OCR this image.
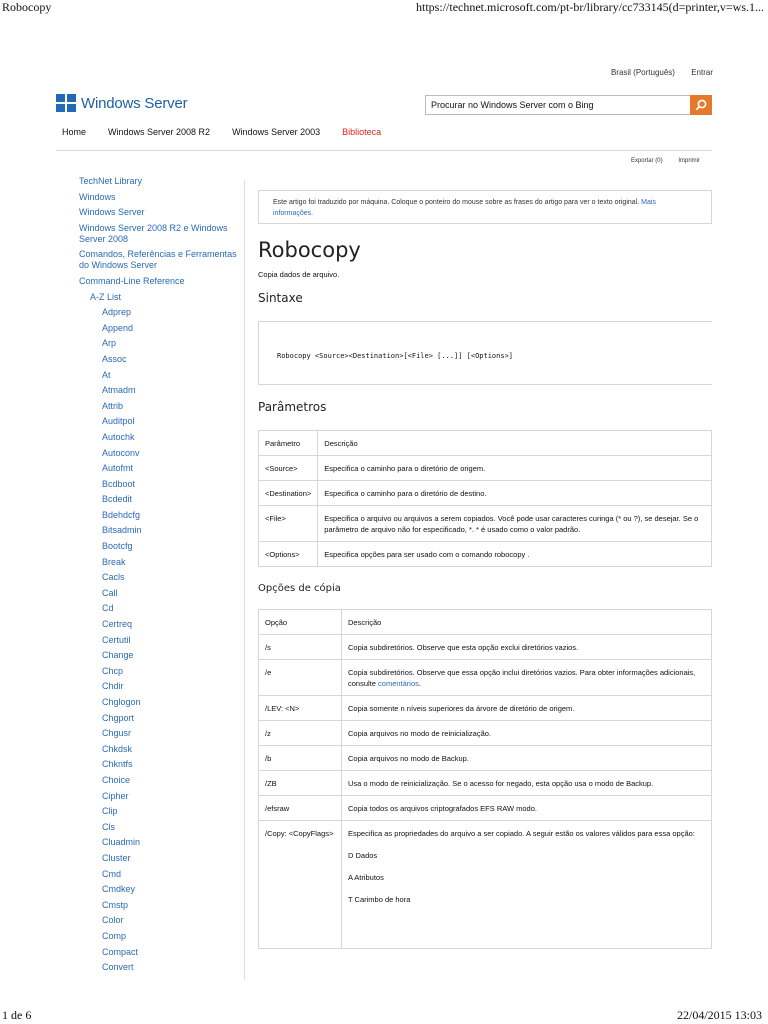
Robocopy	https://technet.microsoft.com/pt-br/library/cc733145(d=printer,v=ws.1...
Brasil (Português) Entrar
Windows Server	Procurar no Windows Server com o Bing
Home Windows Server 2008 R2 Windows Server 2003 Biblioteca
Exportar (0)	Imprimir
TechNet Library
Windows
Windows Server
Windows Server 2008 R2 e Windows Server 2008
Comandos, Referências e Ferramentas do Windows Server
Command-Line Reference
A-Z List
Adprep
Append
Arp
Assoc
At
Atmadm
Attrib
Auditpol
Autochk
Autoconv
Autofmt
Bcdboot
Bcdedit
Bdehdcfg
Bitsadmin
Bootcfg
Break
Cacls
Call
Cd
Certreq
Certutil
Change
Chcp
Chdir
Chglogon
Chgport
Chgusr
Chkdsk
Chkntfs
Choice
Cipher
Clip
Cls
Cluadmin
Cluster
Cmd
Cmdkey
Cmstp
Color
Comp
Compact
Convert
Este artigo foi traduzido por máquina. Coloque o ponteiro do mouse sobre as frases do artigo para ver o texto original. Mais informações.
Robocopy
Copia dados de arquivo.
Sintaxe
Robocopy <Source><Destination>[<File> [...]] [<Options>]
Parâmetros
Parâmetro	Descrição
<Source>	Especifica o caminho para o diretório de origem.
<Destination>	Especifica o caminho para o diretório de destino.
<File>	Especifica o arquivo ou arquivos a serem copiados. Você pode usar caracteres curinga (* ou ?), se desejar. Se o parâmetro de arquivo não for especificado, *. * é usado como o valor padrão.
<Options>	Especifica opções para ser usado com o comando robocopy .
Opções de cópia
Opção	Descrição
/s	Copia subdiretórios. Observe que esta opção exclui diretórios vazios.
/e	Copia subdiretórios. Observe que essa opção inclui diretórios vazios. Para obter informações adicionais, consulte comentários.
/LEV: <N>	Copia somente n níveis superiores da árvore de diretório de origem.
/z	Copia arquivos no modo de reinicialização.
/b	Copia arquivos no modo de Backup.
/ZB	Usa o modo de reinicialização. Se o acesso for negado, esta opção usa o modo de Backup.
/efsraw	Copia todos os arquivos criptografados EFS RAW modo.
/Copy: <CopyFlags>	Especifica as propriedades do arquivo a ser copiado. A seguir estão os valores válidos para essa opção:
D Dados
A Atributos
T Carimbo de hora
1 de 6	22/04/2015 13:03
